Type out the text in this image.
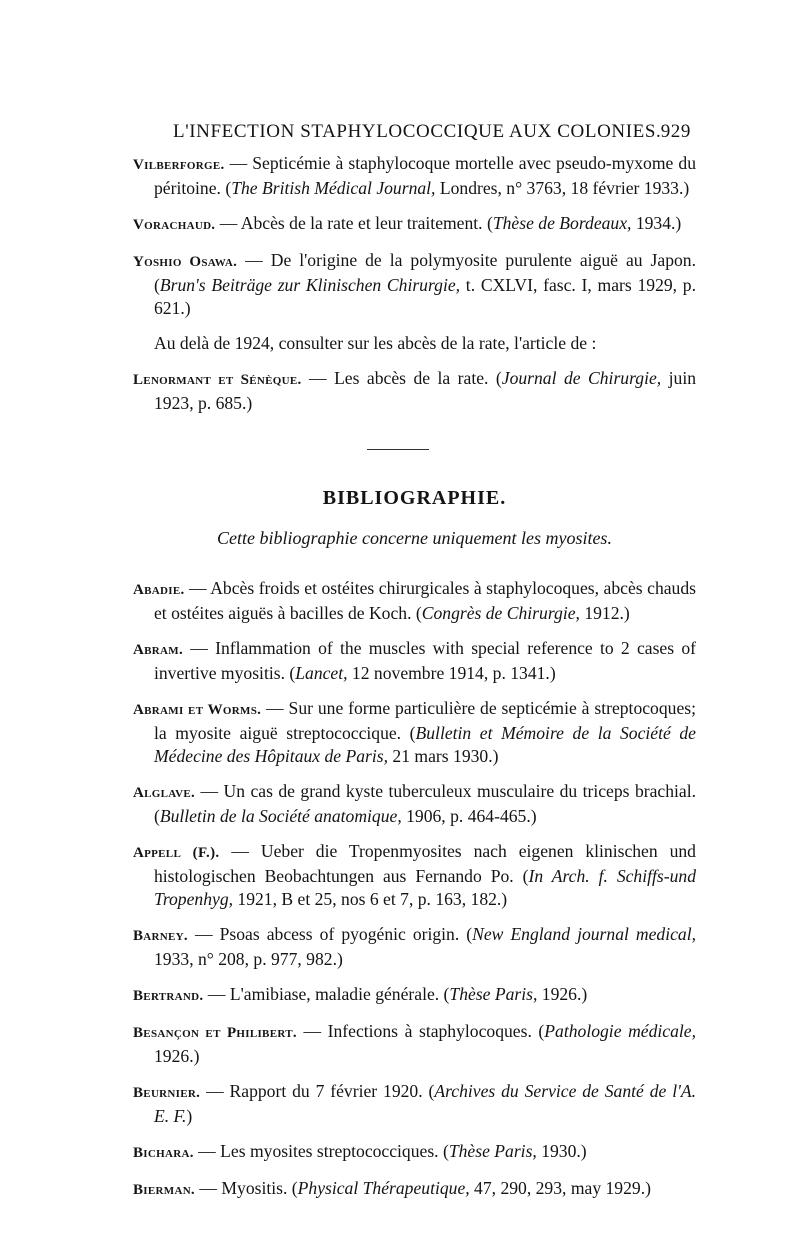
L'INFECTION STAPHYLOCOCCIQUE AUX COLONIES. 929

Vilberforge. — Septicémie à staphylocoque mortelle avec pseudo-myxome du péritoine. (The British Médical Journal, Londres, n° 3763, 18 février 1933.)

Vorachaud. — Abcès de la rate et leur traitement. (Thèse de Bordeaux, 1934.)

Yoshio Osawa. — De l'origine de la polymyosite purulente aiguë au Japon. (Brun's Beiträge zur Klinischen Chirurgie, t. CXLVI, fasc. I, mars 1929, p. 621.)

Au delà de 1924, consulter sur les abcès de la rate, l'article de :

Lenormant et Sénèque. — Les abcès de la rate. (Journal de Chirurgie, juin 1923, p. 685.)

BIBLIOGRAPHIE.
Cette bibliographie concerne uniquement les myosites.

Abadie. — Abcès froids et ostéites chirurgicales à staphylocoques, abcès chauds et ostéites aiguës à bacilles de Koch. (Congrès de Chirurgie, 1912.)

Abram. — Inflammation of the muscles with special reference to 2 cases of invertive myositis. (Lancet, 12 novembre 1914, p. 1341.)

Abrami et Worms. — Sur une forme particulière de septicémie à streptocoques; la myosite aiguë streptococcique. (Bulletin et Mémoire de la Société de Médecine des Hôpitaux de Paris, 21 mars 1930.)

Alglave. — Un cas de grand kyste tuberculeux musculaire du triceps brachial. (Bulletin de la Société anatomique, 1906, p. 464-465.)

Appell (F.). — Ueber die Tropenmyosites nach eigenen klinischen und histologischen Beobachtungen aus Fernando Po. (In Arch. f. Schiffs-und Tropenhyg, 1921, B et 25, nos 6 et 7, p. 163, 182.)

Barney. — Psoas abcess of pyogénic origin. (New England journal medical, 1933, n° 208, p. 977, 982.)

Bertrand. — L'amibiase, maladie générale. (Thèse Paris, 1926.)

Besançon et Philibert. — Infections à staphylocoques. (Pathologie médicale, 1926.)

Beurnier. — Rapport du 7 février 1920. (Archives du Service de Santé de l'A. E. F.)

Bichara. — Les myosites streptococciques. (Thèse Paris, 1930.)

Bierman. — Myositis. (Physical Thérapeutique, 47, 290, 293, may 1929.)
